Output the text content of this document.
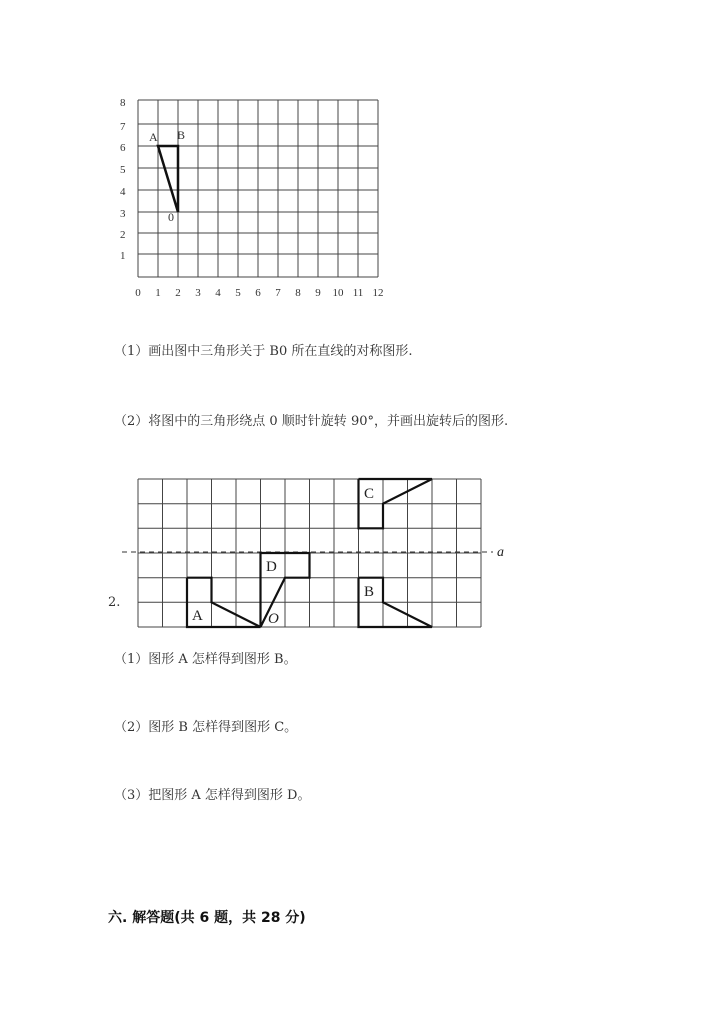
A B
0
8
7
6
5
4
3
2
1
0 1 2 3 4 5 6 7 8 9 10 11 12
（1）画出图中三角形关于 B0 所在直线的对称图形.
（2）将图中的三角形绕点 0 顺时针旋转 90°，并画出旋转后的图形.
a
A
B
C
D
O
2.
（1）图形 A 怎样得到图形 B。
（2）图形 B 怎样得到图形 C。
（3）把图形 A 怎样得到图形 D。
六. 解答题(共 6 题，共 28 分)
